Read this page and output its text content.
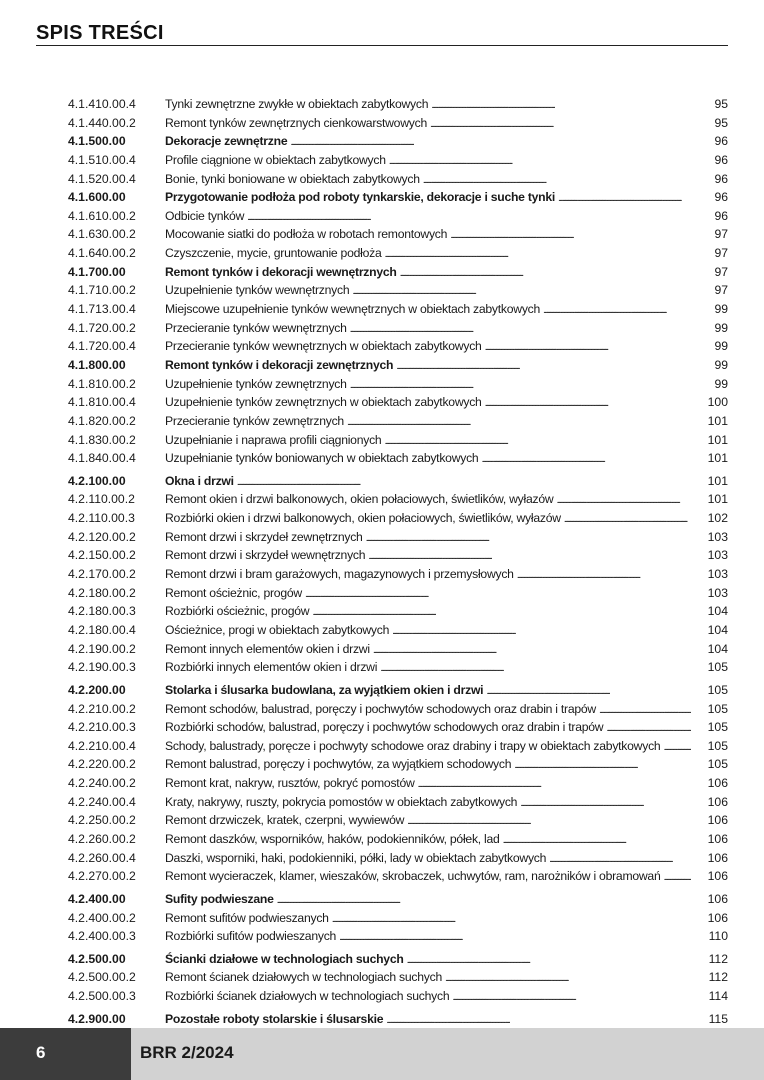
SPIS TREŚCI
4.1.410.00.4	Tynki zewnętrzne zwykłe w obiektach zabytkowych . . .	95
4.1.440.00.2	Remont tynków zewnętrznych cienkowarstwowych . . .	95
4.1.500.00	Dekoracje zewnętrzne . . .	96
4.1.510.00.4	Profile ciągnione w obiektach zabytkowych . . .	96
4.1.520.00.4	Bonie, tynki boniowane w obiektach zabytkowych . . .	96
4.1.600.00	Przygotowanie podłoża pod roboty tynkarskie, dekoracje i suche tynki . . .	96
4.1.610.00.2	Odbicie tynków . . .	96
4.1.630.00.2	Mocowanie siatki do podłoża w robotach remontowych . . .	97
4.1.640.00.2	Czyszczenie, mycie, gruntowanie podłoża . . .	97
4.1.700.00	Remont tynków i dekoracji wewnętrznych . . .	97
4.1.710.00.2	Uzupełnienie tynków wewnętrznych . . .	97
4.1.713.00.4	Miejscowe uzupełnienie tynków wewnętrznych w obiektach zabytkowych . . .	99
4.1.720.00.2	Przecieranie tynków wewnętrznych . . .	99
4.1.720.00.4	Przecieranie tynków wewnętrznych w obiektach zabytkowych . . .	99
4.1.800.00	Remont tynków i dekoracji zewnętrznych . . .	99
4.1.810.00.2	Uzupełnienie tynków zewnętrznych . . .	99
4.1.810.00.4	Uzupełnienie tynków zewnętrznych w obiektach zabytkowych . . .	100
4.1.820.00.2	Przecieranie tynków zewnętrznych . . .	101
4.1.830.00.2	Uzupełnianie i naprawa profili ciągnionych . . .	101
4.1.840.00.4	Uzupełnianie tynków boniowanych w obiektach zabytkowych . . .	101
4.2.100.00	Okna i drzwi . . .	101
4.2.110.00.2	Remont okien i drzwi balkonowych, okien połaciowych, świetlików, wyłazów . . .	101
4.2.110.00.3	Rozbiórki okien i drzwi balkonowych, okien połaciowych, świetlików, wyłazów . . .	102
4.2.120.00.2	Remont drzwi i skrzydeł zewnętrznych . . .	103
4.2.150.00.2	Remont drzwi i skrzydeł wewnętrznych . . .	103
4.2.170.00.2	Remont drzwi i bram garażowych, magazynowych i przemysłowych . . .	103
4.2.180.00.2	Remont ościeżnic, progów . . .	103
4.2.180.00.3	Rozbiórki ościeżnic, progów . . .	104
4.2.180.00.4	Ościeżnice, progi w obiektach zabytkowych . . .	104
4.2.190.00.2	Remont innych elementów okien i drzwi . . .	104
4.2.190.00.3	Rozbiórki innych elementów okien i drzwi . . .	105
4.2.200.00	Stolarka i ślusarka budowlana, za wyjątkiem okien i drzwi . . .	105
4.2.210.00.2	Remont schodów, balustrad, poręczy i pochwytów schodowych oraz drabin i trapów . . .	105
4.2.210.00.3	Rozbiórki schodów, balustrad, poręczy i pochwytów schodowych oraz drabin i trapów . . .	105
4.2.210.00.4	Schody, balustrady, poręcze i pochwyty schodowe oraz drabiny i trapy w obiektach zabytkowych . . .	105
4.2.220.00.2	Remont balustrad, poręczy i pochwytów, za wyjątkiem schodowych . . .	105
4.2.240.00.2	Remont krat, nakryw, rusztów, pokryć pomostów . . .	106
4.2.240.00.4	Kraty, nakrywy, ruszty, pokrycia pomostów w obiektach zabytkowych . . .	106
4.2.250.00.2	Remont drzwiczek, kratek, czerpni, wywiewów . . .	106
4.2.260.00.2	Remont daszków, wsporników, haków, podokienników, półek, lad . . .	106
4.2.260.00.4	Daszki, wsporniki, haki, podokienniki, półki, lady w obiektach zabytkowych . . .	106
4.2.270.00.2	Remont wycieraczek, klamer, wieszaków, skrobaczek, uchwytów, ram, narożników i obramowań . . .	106
4.2.400.00	Sufity podwieszane . . .	106
4.2.400.00.2	Remont sufitów podwieszanych . . .	106
4.2.400.00.3	Rozbiórki sufitów podwieszanych . . .	110
4.2.500.00	Ścianki działowe w technologiach suchych . . .	112
4.2.500.00.2	Remont ścianek działowych w technologiach suchych . . .	112
4.2.500.00.3	Rozbiórki ścianek działowych w technologiach suchych . . .	114
4.2.900.00	Pozostałe roboty stolarskie i ślusarskie . . .	115
6	BRR 2/2024
